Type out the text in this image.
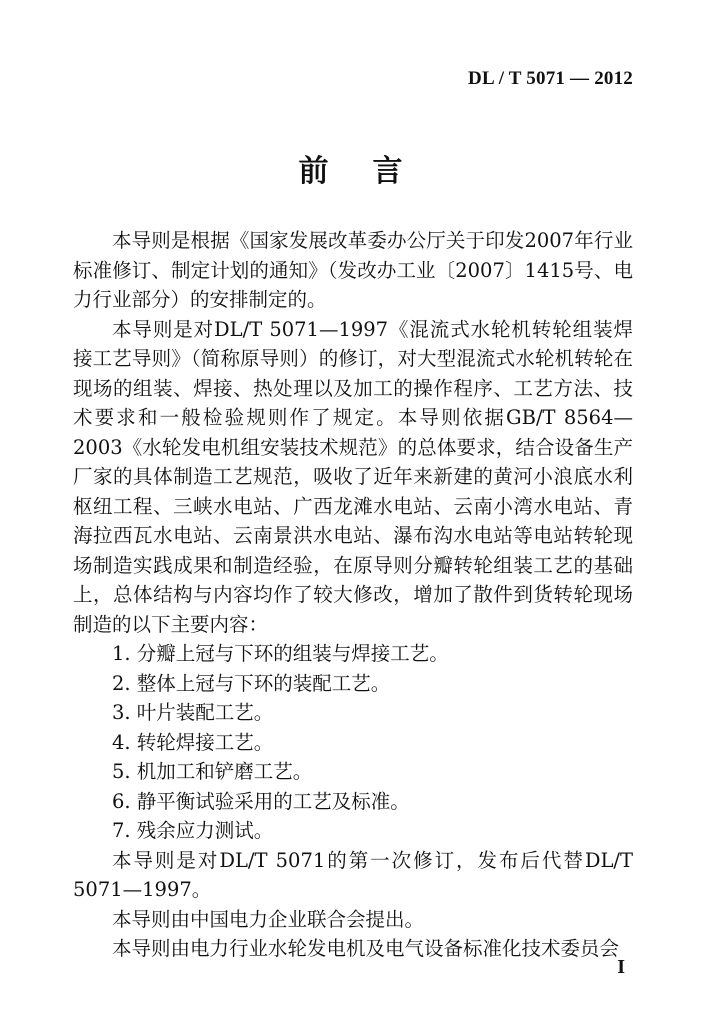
DL / T 5071 — 2012
前言

本导则是根据《国家发展改革委办公厅关于印发2007年行业标准修订、制定计划的通知》（发改办工业〔2007〕1415号、电力行业部分）的安排制定的。

本导则是对DL/T 5071—1997《混流式水轮机转轮组装焊接工艺导则》（简称原导则）的修订，对大型混流式水轮机转轮在现场的组装、焊接、热处理以及加工的操作程序、工艺方法、技术要求和一般检验规则作了规定。本导则依据GB/T 8564—2003《水轮发电机组安装技术规范》的总体要求，结合设备生产厂家的具体制造工艺规范，吸收了近年来新建的黄河小浪底水利枢纽工程、三峡水电站、广西龙滩水电站、云南小湾水电站、青海拉西瓦水电站、云南景洪水电站、瀑布沟水电站等电站转轮现场制造实践成果和制造经验，在原导则分瓣转轮组装工艺的基础上，总体结构与内容均作了较大修改，增加了散件到货转轮现场制造的以下主要内容：

1. 分瓣上冠与下环的组装与焊接工艺。
2. 整体上冠与下环的装配工艺。
3. 叶片装配工艺。
4. 转轮焊接工艺。
5. 机加工和铲磨工艺。
6. 静平衡试验采用的工艺及标准。
7. 残余应力测试。

本导则是对DL/T 5071的第一次修订，发布后代替DL/T 5071—1997。

本导则由中国电力企业联合会提出。

本导则由电力行业水轮发电机及电气设备标准化技术委员会

I
